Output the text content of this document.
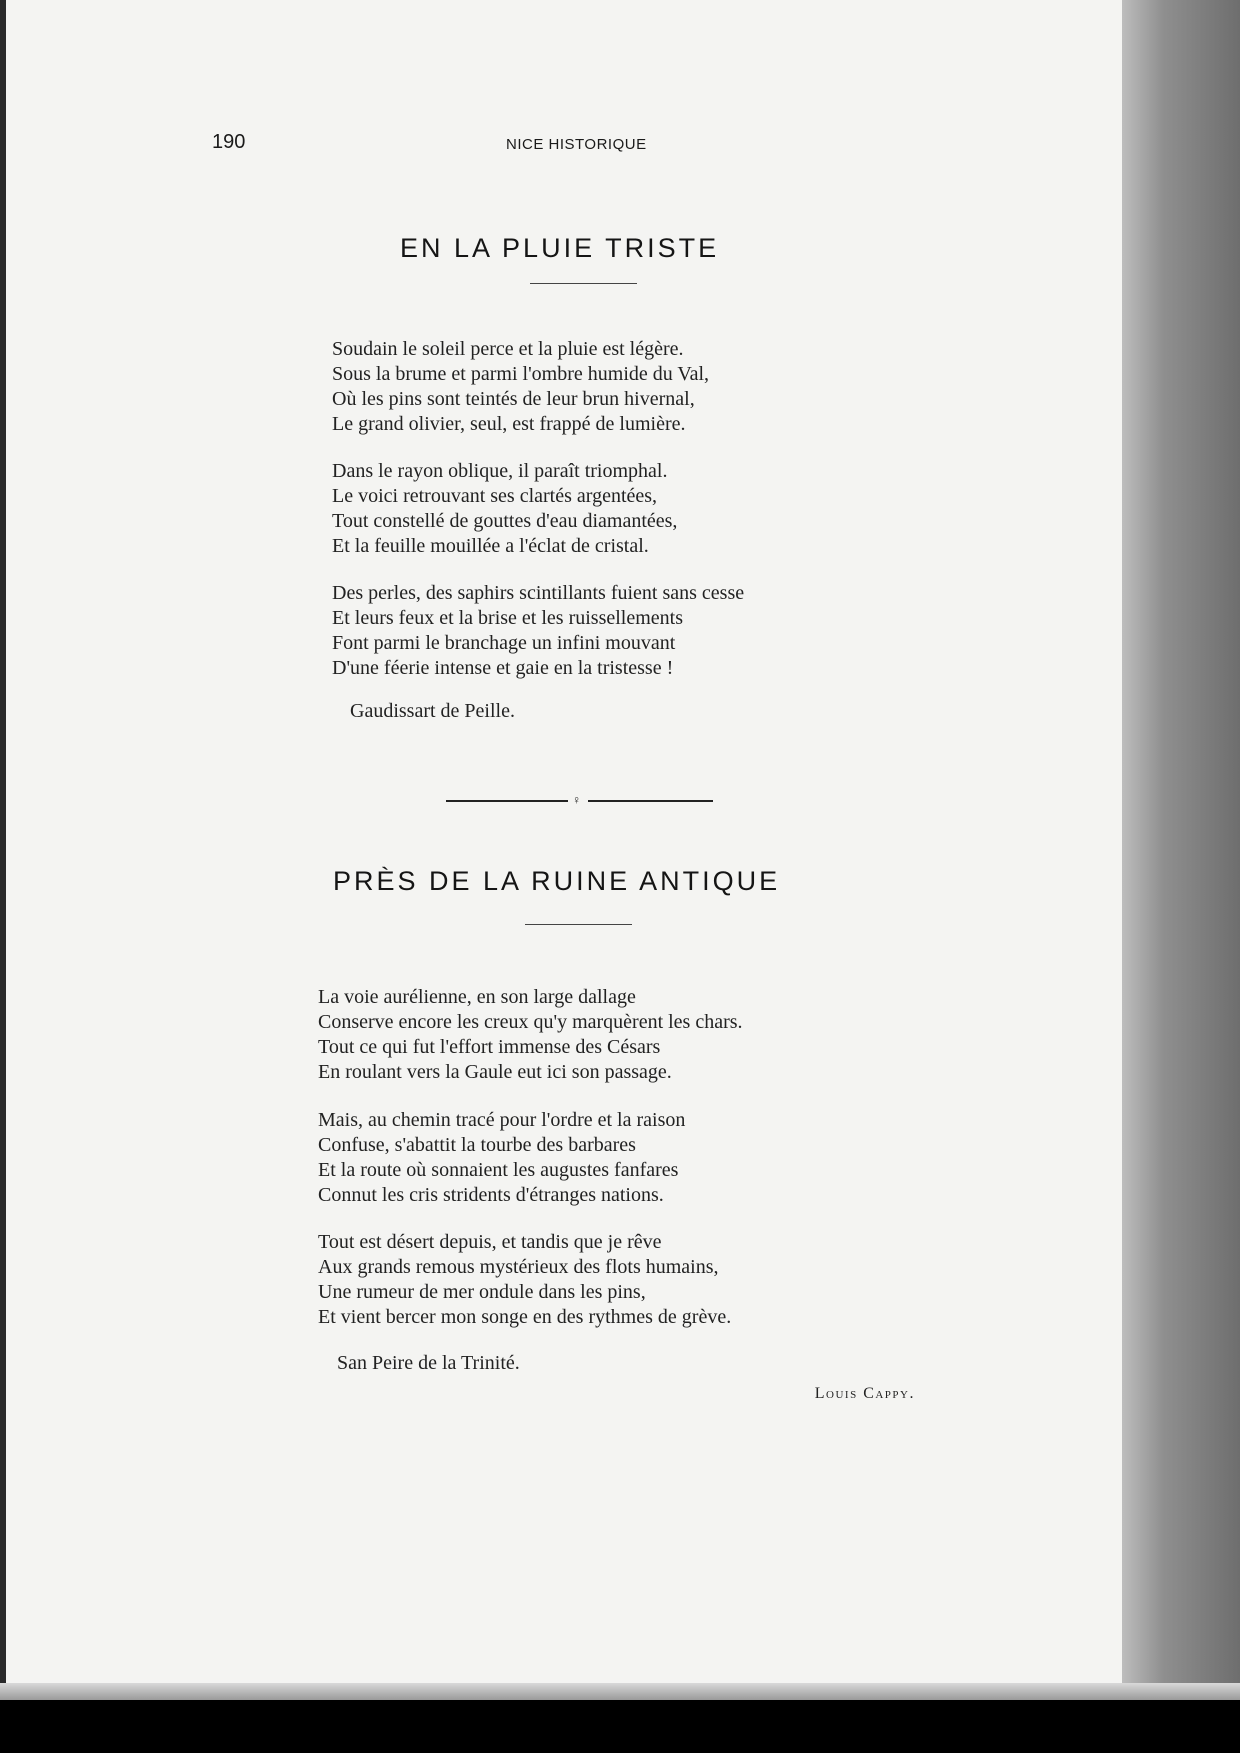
190	NICE HISTORIQUE
EN LA PLUIE TRISTE
Soudain le soleil perce et la pluie est légère.
Sous la brume et parmi l'ombre humide du Val,
Où les pins sont teintés de leur brun hivernal,
Le grand olivier, seul, est frappé de lumière.
Dans le rayon oblique, il paraît triomphal.
Le voici retrouvant ses clartés argentées,
Tout constellé de gouttes d'eau diamantées,
Et la feuille mouillée a l'éclat de cristal.
Des perles, des saphirs scintillants fuient sans cesse
Et leurs feux et la brise et les ruissellements
Font parmi le branchage un infini mouvant
D'une féerie intense et gaie en la tristesse !
Gaudissart de Peille.
♀
PRÈS DE LA RUINE ANTIQUE
La voie aurélienne, en son large dallage
Conserve encore les creux qu'y marquèrent les chars.
Tout ce qui fut l'effort immense des Césars
En roulant vers la Gaule eut ici son passage.
Mais, au chemin tracé pour l'ordre et la raison
Confuse, s'abattit la tourbe des barbares
Et la route où sonnaient les augustes fanfares
Connut les cris stridents d'étranges nations.
Tout est désert depuis, et tandis que je rêve
Aux grands remous mystérieux des flots humains,
Une rumeur de mer ondule dans les pins,
Et vient bercer mon songe en des rythmes de grève.
San Peire de la Trinité.
Louis Cappy.
